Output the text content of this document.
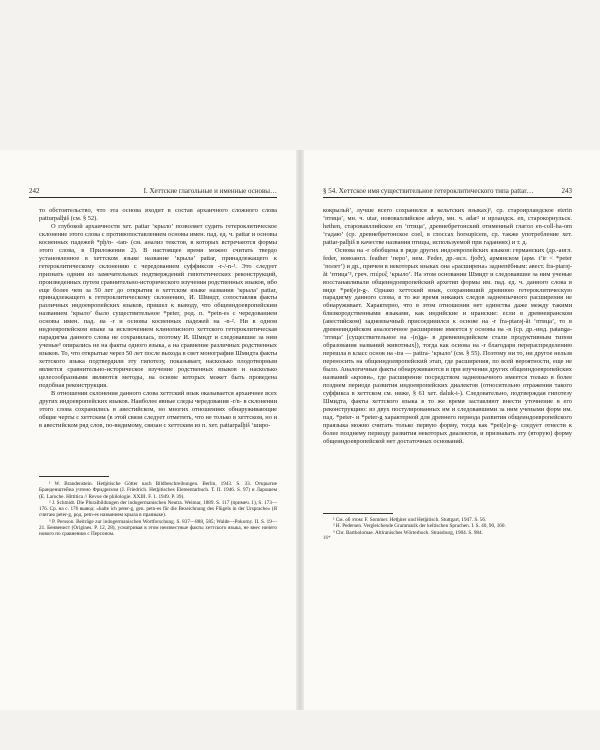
242	I. Хеттские глагольные и именные основы…

то обстоятельство, что эта основа входит в состав архаичного сложного слова patturpalḫiš (см. § 52).

О глубокой архаичности хет. pattar ‘крыло’ позволяет судить гетероклитическое склонение этого слова с противопоставлением основы имен. пад. ед. ч. pattar и основы косвенных падежей *pḫ/n- -tan- (см. анализ текстов, в которых встречаются формы этого слова, в Приложении 2). В настоящее время можно считать твердо установленное в хеттском языке название ‘крыла’ pattar, принадлежащего к гетероклитическому склонению с чередованием суффиксов -r-/-n-¹. Это следует признать одним из замечательных подтверждений гипотетических реконструкций, произведенных путем сравнительно-исторического изучения родственных языков, ибо еще более чем за 50 лет до открытия в хеттском языке названия ‘крыла’ pattar, принадлежащего к гетероклитическому склонению, И. Шмидт, сопоставляя факты различных индоевропейских языков, пришел к выводу, что общеиндоевропейским названием ‘крыло’ было существительное *peter, род. п. *petn-es с чередованием основы имен. пад. на -r и основы косвенных падежей на -n-². Ни в одном индоевропейском языке за исключением клинописного хеттского гетероклитическая парадигма данного слова не сохранилась, поэтому И. Шмидт и следовавшие за ним ученые³ опирались не на факты одного языка, а на сравнение различных родственных языков. То, что открытые через 50 лет после выхода в свет монографии Шмидта факты хеттского языка подтвердили эту гипотезу, показывает, насколько плодотворным является сравнительно-историческое изучение родственных языков и насколько целесообразными являются методы, на основе которых может быть проведена подобная реконструкция.

В отношении склонения данного слова хеттский язык оказывается архаичнее всех других индоевропейских языков. Наиболее явные следы чередования -r/n- в склонении этого слова сохранились в авестийском, но многих отношениях обнаруживающие общие черты с хеттским (в этой связи следует отметить, что не только в хеттском, но и в авестийском ряд слов, по-видимому, связан с хеттским из п. хет. pattarpalḫiš ‘широ-

¹ W. Brandenstein. Heth̲itische Götter nach Bildbeschreibungen. Berlin, 1943. S. 33. Открытие Бранденштейна учтено Фридрихом (J. Friedrich. Heth̲itisches Elementarbuch. T. II. 1946. S. 97) и Ларошем (E. Laroche. Hittitica // Revue de philologie. XXIII. F. 1. 1949. P. 39).

² J. Schmidt. Die Pluralbildungen der indogermanischen Neutra. Weimar, 1889. S. 117 (примеч. 1), S. 173—176. Ср. на с. 176 вывод: «halte ich peter-g, gen. petn-es für die Bezeichnung des Flügels in der Ursprache» (Я считаю peter-g, род. petn-es названием крыла в праязыке).

³ P. Persson. Beiträge zur indogermanischen Wortforschung. S. 837—888, 585; Walde—Pokorny. II. S. 19—21. Бенвенист (Origines. P. 12, 28), усматривая в этом неизвестные факты хеттского языка, не внес ничего нового по сравнению с Персоном.

§ 54. Хеттское имя существительное гетероклитического типа pattar…	243

кокрыльй’, лучше всего сохранился в кельтских языках)¹, ср. староирландское eterin ‘птица’, мн. ч. utar, нововаллийское adeyn, мн. ч. adar² и ирландск. en, старокорнульск. hethen, старовавллийское en ‘птица’, древнебретонский отименный глагол en-coll-ha-om ‘гадаю’ (ср. древнебретонское coel, в глоссах horsupicem, ср. также употребление хет. pattar-palḫiš в качестве названия птицы, используемой при гаданиях) и т. д.

Основа на -r обобщена в ряде других индоевропейских языков: германских (др.-англ. feder, новоангл. feather ‘перо’, нем. Feder, др.-исл. fjoðr), армянском (арм. t’ir < *peter ‘полет’) и др., причем в некоторых языках она «расширена» заднепёбным: авест. fra-ptarəj-ăt ‘птица’³, греч. πτέρυξ ‘крыло’. На этом основании Шмидт и следовавшие за ним ученые восстанавливали общеиндоевропейский архетип формы им. пад. ед. ч. данного слова в виде *pet(e)r-g-. Однако хеттский язык, сохранивший древнюю гетероклитическую парадигму данного слова, в то же время никаких следов заднеязычного расширения не обнаруживает. Характерно, что в этом отношении нет единства даже между такими близкородственными языками, как индийские и иранские: если в древнеиранском (авестийском) заднеязычный присоединился к основе на -r fra-ptarəj-ăt ‘птица’, то в древнеиндийском аналогичное расширение имеется у основы на -n (ср. др.-инд. patanga- ‘птица’ [существительное на -(n)ga- в древнеиндийском стали продуктивным типом образования названий животных]), тогда как основа на -r благодаря перераспределению перешла в класс основ на -tra — pattra- ‘крыло’ (см. § 55). Поэтому ни то, ни другое нельзя переносить на общеиндоевропейский этап, где расширения, по всей вероятности, еще не было. Аналогичные факты обнаруживаются и при изучении других общеиндоевропейских названий «крови», где расширение посредством заднеязычного имеется только в более позднем периоде развития индоевропейских диалектов (относительно отражения такого суффикса в хеттском см. ниже, § 61 хет. daluk-i-). Следовательно, подтверждая гипотезу Шмидта, факты хеттского языка в то же время заставляют внести уточнение в его реконструкцию: из двух постулированных им и следовавшими за ним учеными форм им. пад. *peter- и *peter-g характерной для древнего периода развития общеиндоевропейского праязыка можно считать только первую форму, тогда как *pet(e)r-g- следует отнести к более позднему периоду развития некоторых диалектов, и признавать эту (вторую) форму общеиндоевропейской нет достаточных оснований.

¹ См. об этом: F. Sommer. Heth̲iter und Heth̲itisch. Stuttgart, 1947. S. 56.

² H. Pedersen. Vergleichende Grammatik der keltischen Sprachen. I. S. 40, 90, 160.

³ Chr. Bartholomae. Altiranisches Wörterbuch. Strassburg, 1904. S. 984.

16*
